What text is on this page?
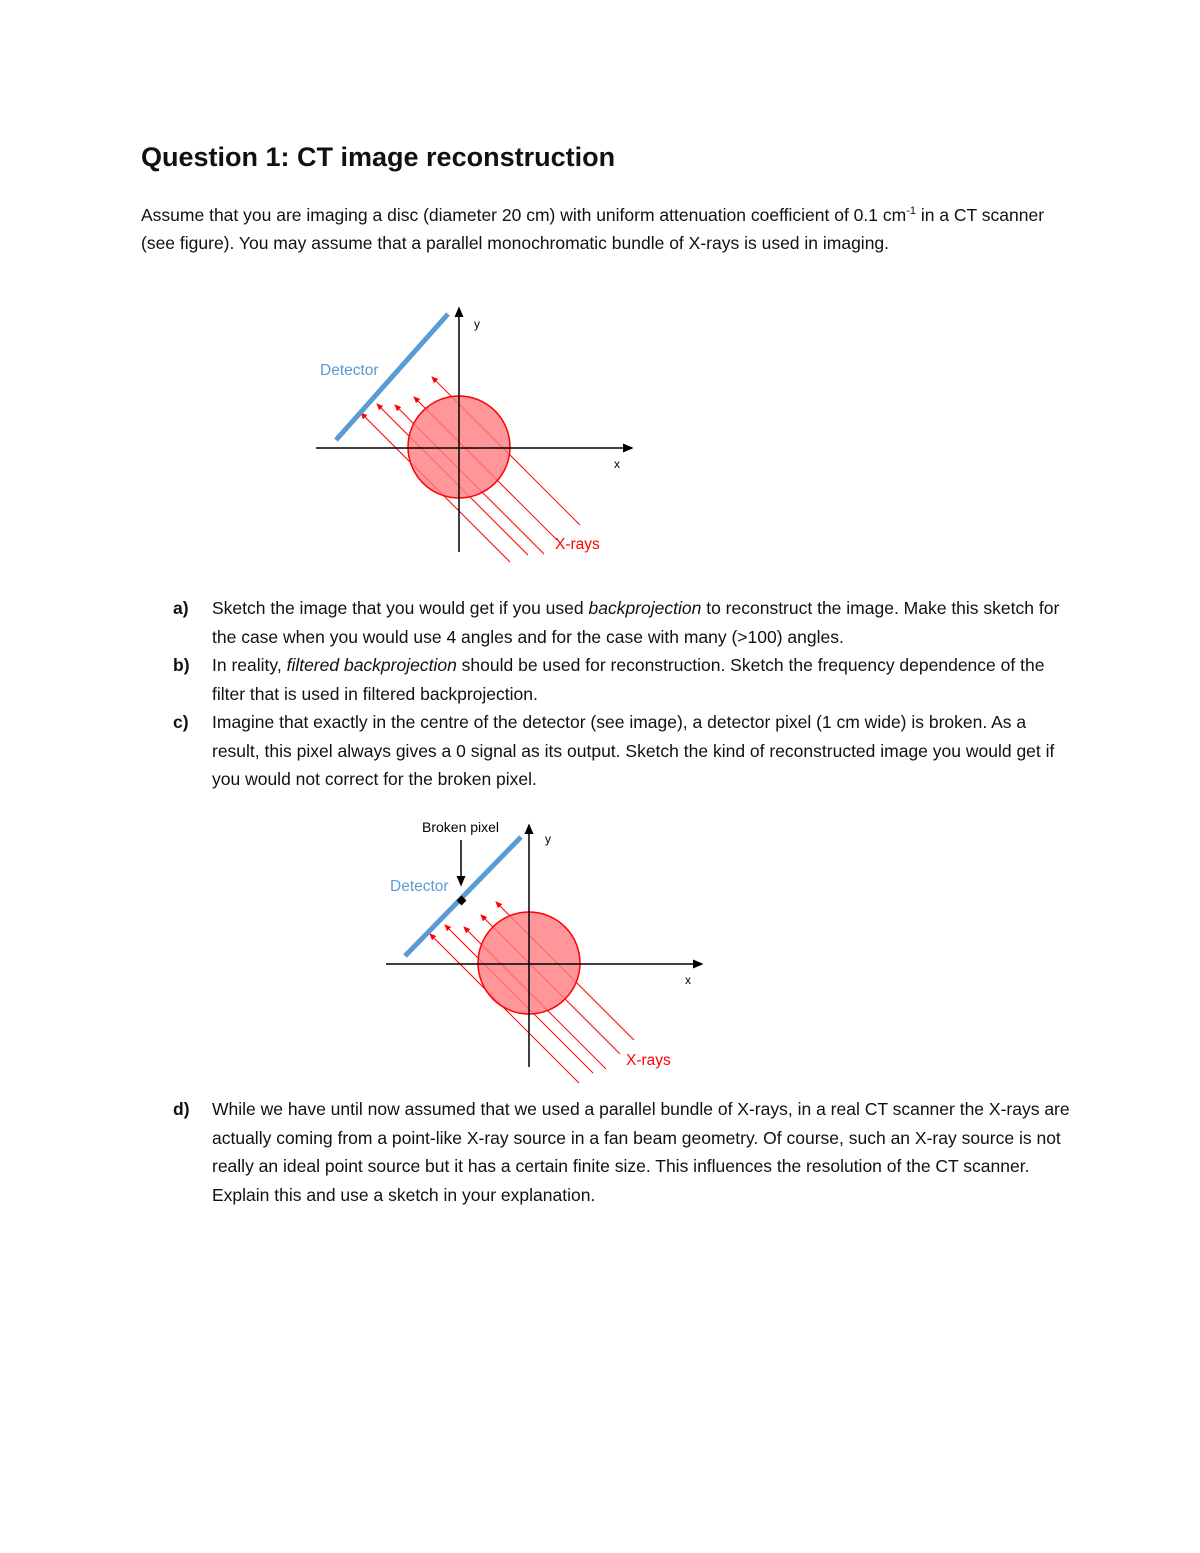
Question 1: CT image reconstruction

Assume that you are imaging a disc (diameter 20 cm) with uniform attenuation coefficient of 0.1 $cm^{-1}$ in a CT scanner (see figure). You may assume that a parallel monochromatic bundle of X-rays is used in imaging.

Detector
y
x
X-rays
a) Sketch the image that you would get if you used backprojection to reconstruct the image. Make this sketch for the case when you would use 4 angles and for the case with many (>100) angles.
b) In reality, filtered backprojection should be used for reconstruction. Sketch the frequency dependence of the filter that is used in filtered backprojection.
c) Imagine that exactly in the centre of the detector (see image), a detector pixel (1 cm wide) is broken. As a result, this pixel always gives a 0 signal as its output. Sketch the kind of reconstructed image you would get if you would not correct for the broken pixel.
Broken pixel
Detector
y
x
X-rays
d) While we have until now assumed that we used a parallel bundle of X-rays, in a real CT scanner the X-rays are actually coming from a point-like X-ray source in a fan beam geometry. Of course, such an X-ray source is not really an ideal point source but it has a certain finite size. This influences the resolution of the CT scanner. Explain this and use a sketch in your explanation.
